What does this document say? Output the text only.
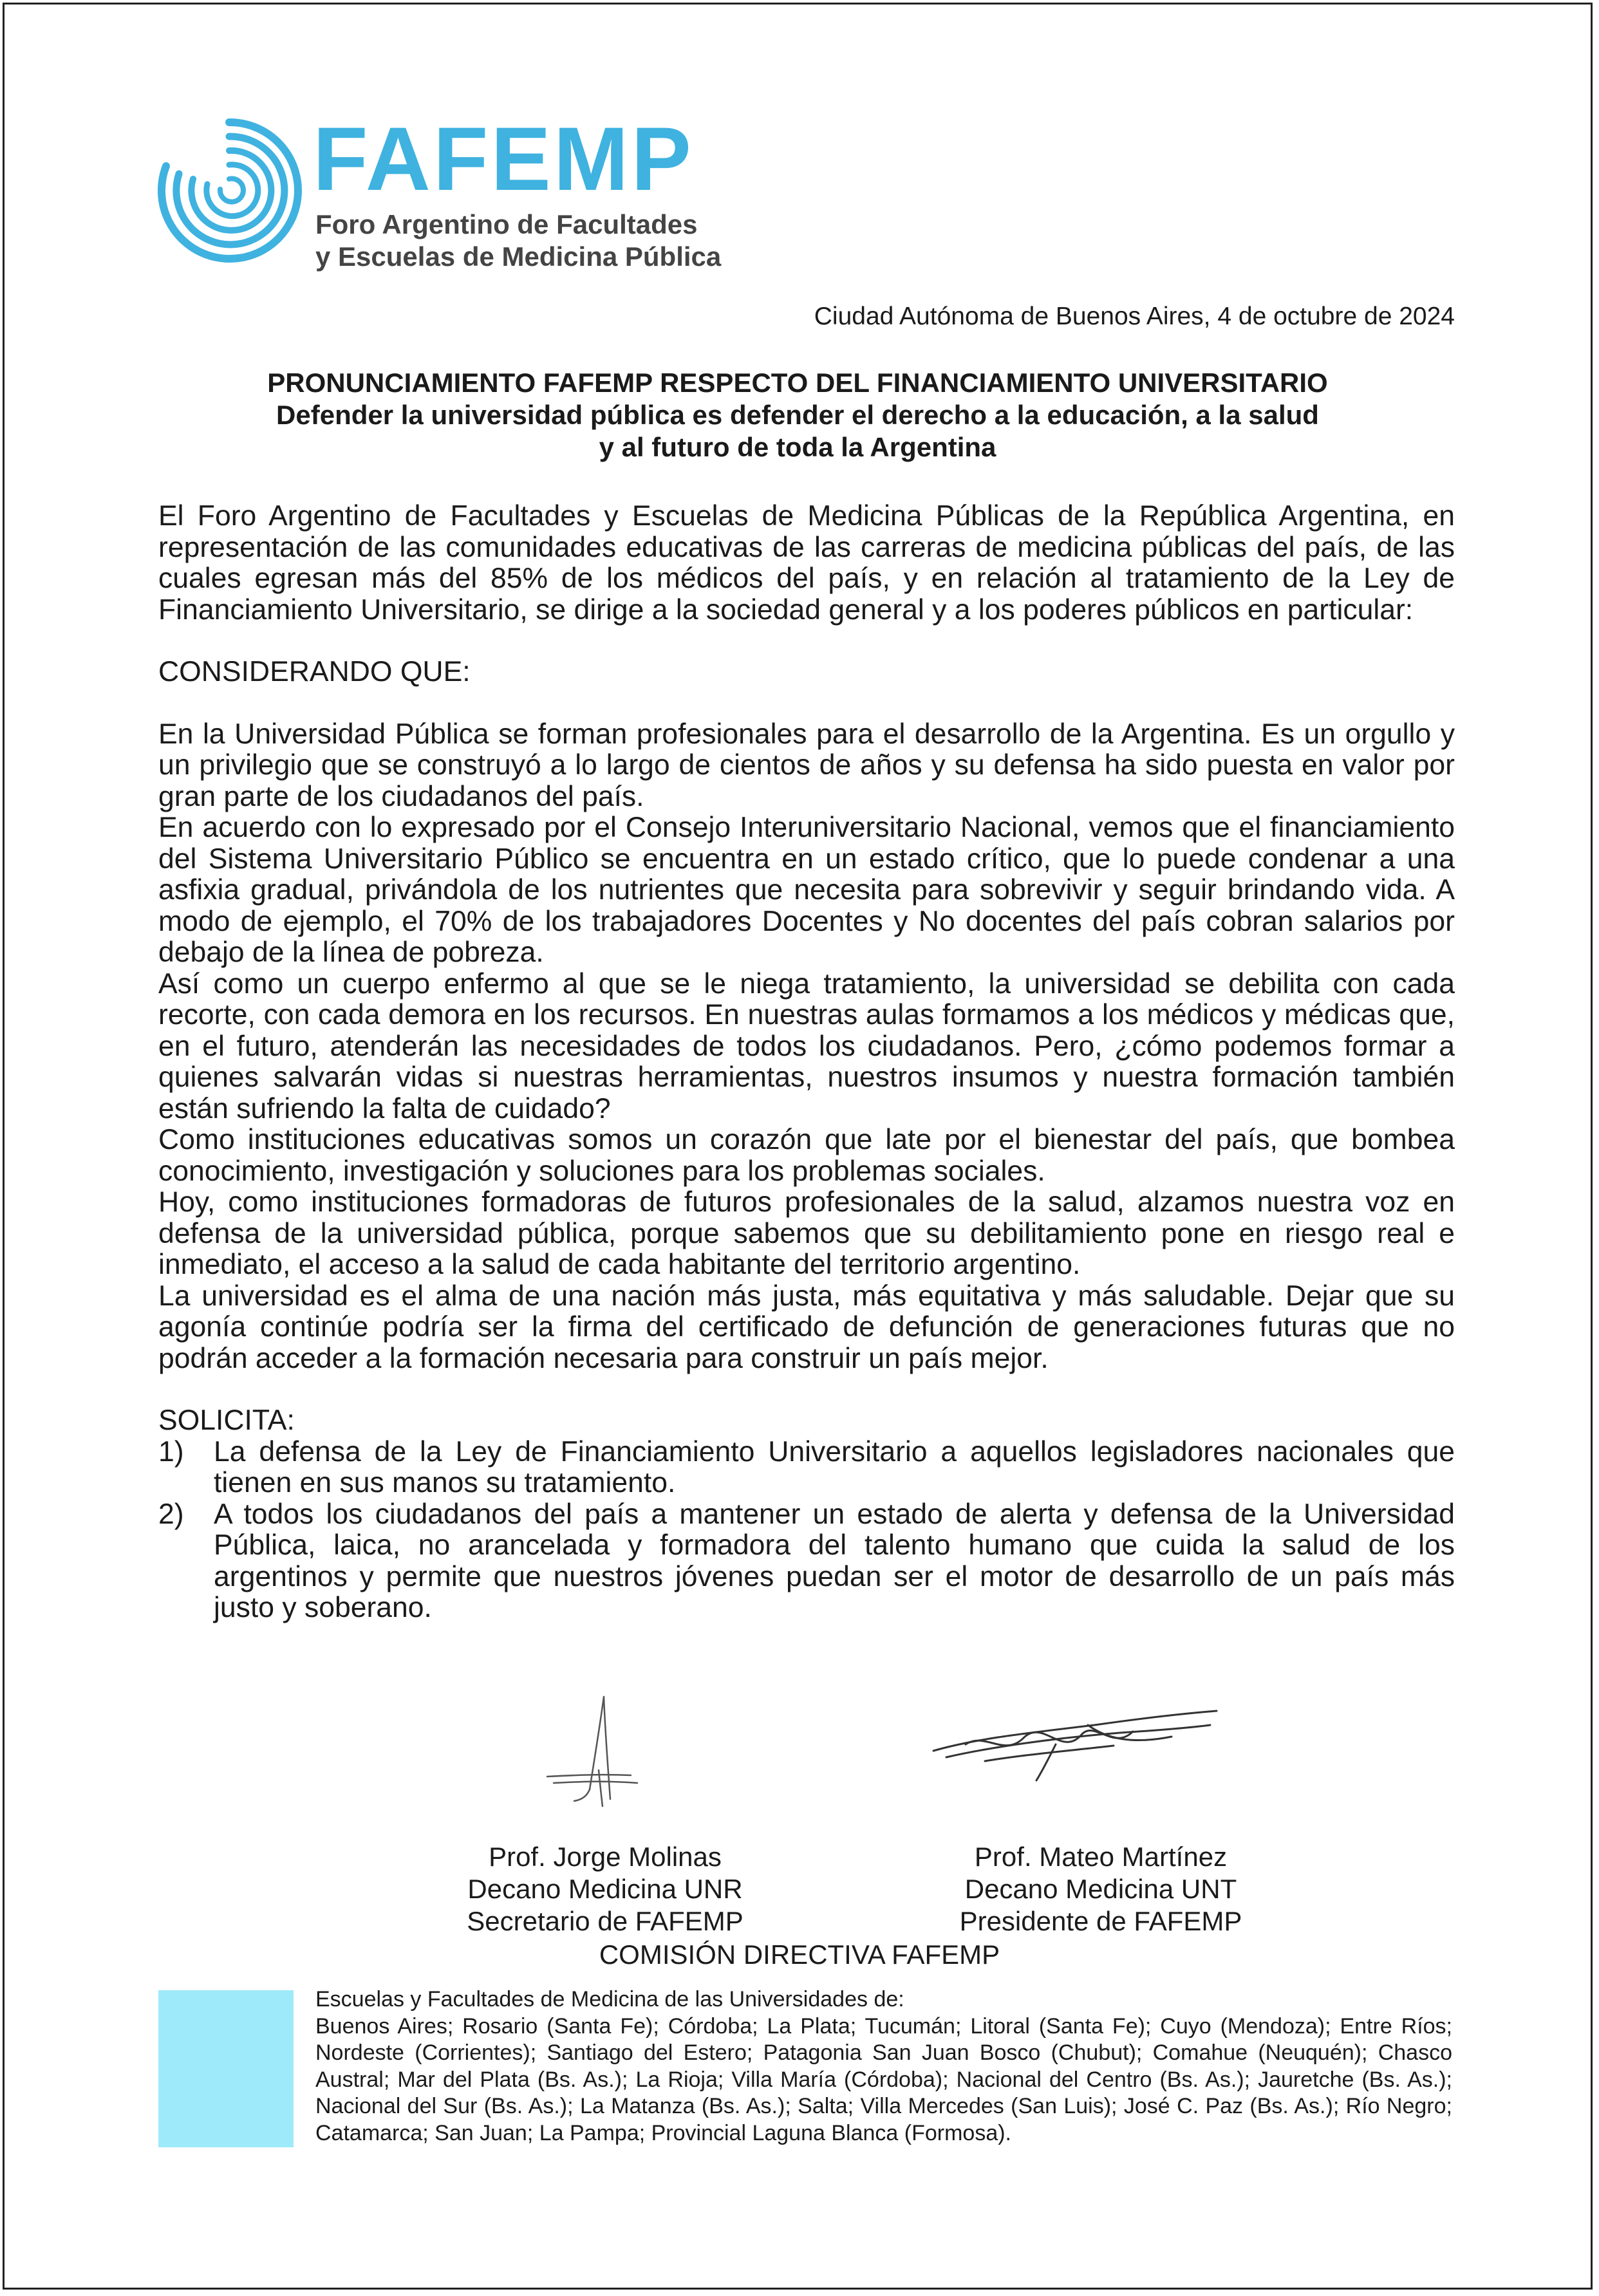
FAFEMP
Foro Argentino de Facultades
y Escuelas de Medicina Pública
Ciudad Autónoma de Buenos Aires, 4 de octubre de 2024
PRONUNCIAMIENTO FAFEMP RESPECTO DEL FINANCIAMIENTO UNIVERSITARIO
Defender la universidad pública es defender el derecho a la educación, a la salud
y al futuro de toda la Argentina

El Foro Argentino de Facultades y Escuelas de Medicina Públicas de la República Argentina, en representación de las comunidades educativas de las carreras de medicina públicas del país, de las cuales egresan más del 85% de los médicos del país, y en relación al tratamiento de la Ley de Financiamiento Universitario, se dirige a la sociedad general y a los poderes públicos en particular:

CONSIDERANDO QUE:

En la Universidad Pública se forman profesionales para el desarrollo de la Argentina. Es un orgullo y un privilegio que se construyó a lo largo de cientos de años y su defensa ha sido puesta en valor por gran parte de los ciudadanos del país.

En acuerdo con lo expresado por el Consejo Interuniversitario Nacional, vemos que el financiamiento del Sistema Universitario Público se encuentra en un estado crítico, que lo puede condenar a una asfixia gradual, privándola de los nutrientes que necesita para sobrevivir y seguir brindando vida. A modo de ejemplo, el 70% de los trabajadores Docentes y No docentes del país cobran salarios por debajo de la línea de pobreza.

Así como un cuerpo enfermo al que se le niega tratamiento, la universidad se debilita con cada recorte, con cada demora en los recursos. En nuestras aulas formamos a los médicos y médicas que, en el futuro, atenderán las necesidades de todos los ciudadanos. Pero, ¿cómo podemos formar a quienes salvarán vidas si nuestras herramientas, nuestros insumos y nuestra formación también están sufriendo la falta de cuidado?

Como instituciones educativas somos un corazón que late por el bienestar del país, que bombea conocimiento, investigación y soluciones para los problemas sociales.

Hoy, como instituciones formadoras de futuros profesionales de la salud, alzamos nuestra voz en defensa de la universidad pública, porque sabemos que su debilitamiento pone en riesgo real e inmediato, el acceso a la salud de cada habitante del territorio argentino.

La universidad es el alma de una nación más justa, más equitativa y más saludable. Dejar que su agonía continúe podría ser la firma del certificado de defunción de generaciones futuras que no podrán acceder a la formación necesaria para construir un país mejor.

SOLICITA:

1) La defensa de la Ley de Financiamiento Universitario a aquellos legisladores nacionales que tienen en sus manos su tratamiento.
2) A todos los ciudadanos del país a mantener un estado de alerta y defensa de la Universidad Pública, laica, no arancelada y formadora del talento humano que cuida la salud de los argentinos y permite que nuestros jóvenes puedan ser el motor de desarrollo de un país más justo y soberano.
Prof. Jorge Molinas
Decano Medicina UNR
Secretario de FAFEMP
Prof. Mateo Martínez
Decano Medicina UNT
Presidente de FAFEMP
COMISIÓN DIRECTIVA FAFEMP

Escuelas y Facultades de Medicina de las Universidades de:

Buenos Aires; Rosario (Santa Fe); Córdoba; La Plata; Tucumán; Litoral (Santa Fe); Cuyo (Mendoza); Entre Ríos; Nordeste (Corrientes); Santiago del Estero; Patagonia San Juan Bosco (Chubut); Comahue (Neuquén); Chasco Austral; Mar del Plata (Bs. As.); La Rioja; Villa María (Córdoba); Nacional del Centro (Bs. As.); Jauretche (Bs. As.); Nacional del Sur (Bs. As.); La Matanza (Bs. As.); Salta; Villa Mercedes (San Luis); José C. Paz (Bs. As.); Río Negro; Catamarca; San Juan; La Pampa; Provincial Laguna Blanca (Formosa).
